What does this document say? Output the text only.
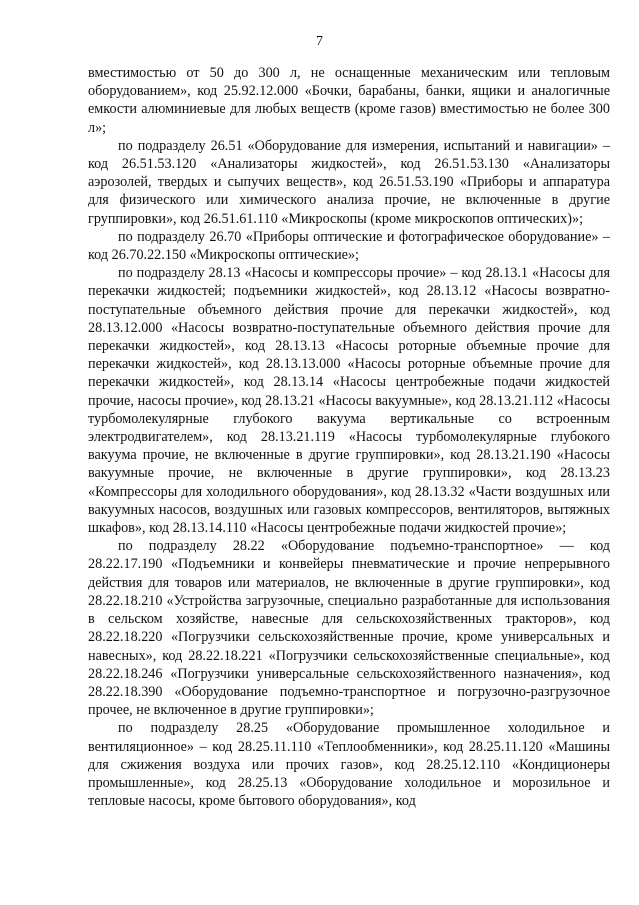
7

вместимостью от 50 до 300 л, не оснащенные механическим или тепловым оборудованием», код 25.92.12.000 «Бочки, барабаны, банки, ящики и аналогичные емкости алюминиевые для любых веществ (кроме газов) вместимостью не более 300 л»;

по подразделу 26.51 «Оборудование для измерения, испытаний и навигации» – код 26.51.53.120 «Анализаторы жидкостей», код 26.51.53.130 «Анализаторы аэрозолей, твердых и сыпучих веществ», код 26.51.53.190 «Приборы и аппаратура для физического или химического анализа прочие, не включенные в другие группировки», код 26.51.61.110 «Микроскопы (кроме микроскопов оптических)»;

по подразделу 26.70 «Приборы оптические и фотографическое оборудование» – код 26.70.22.150 «Микроскопы оптические»;

по подразделу 28.13 «Насосы и компрессоры прочие» – код 28.13.1 «Насосы для перекачки жидкостей; подъемники жидкостей», код 28.13.12 «Насосы возвратно-поступательные объемного действия прочие для перекачки жидкостей», код 28.13.12.000 «Насосы возвратно-поступательные объемного действия прочие для перекачки жидкостей», код 28.13.13 «Насосы роторные объемные прочие для перекачки жидкостей», код 28.13.13.000 «Насосы роторные объемные прочие для перекачки жидкостей», код 28.13.14 «Насосы центробежные подачи жидкостей прочие, насосы прочие», код 28.13.21 «Насосы вакуумные», код 28.13.21.112 «Насосы турбомолекулярные глубокого вакуума вертикальные со встроенным электродвигателем», код 28.13.21.119 «Насосы турбомолекулярные глубокого вакуума прочие, не включенные в другие группировки», код 28.13.21.190 «Насосы вакуумные прочие, не включенные в другие группировки», код 28.13.23 «Компрессоры для холодильного оборудования», код 28.13.32 «Части воздушных или вакуумных насосов, воздушных или газовых компрессоров, вентиляторов, вытяжных шкафов», код 28.13.14.110 «Насосы центробежные подачи жидкостей прочие»;

по подразделу 28.22 «Оборудование подъемно-транспортное» — код 28.22.17.190 «Подъемники и конвейеры пневматические и прочие непрерывного действия для товаров или материалов, не включенные в другие группировки», код 28.22.18.210 «Устройства загрузочные, специально разработанные для использования в сельском хозяйстве, навесные для сельскохозяйственных тракторов», код 28.22.18.220 «Погрузчики сельскохозяйственные прочие, кроме универсальных и навесных», код 28.22.18.221 «Погрузчики сельскохозяйственные специальные», код 28.22.18.246 «Погрузчики универсальные сельскохозяйственного назначения», код 28.22.18.390 «Оборудование подъемно-транспортное и погрузочно-разгрузочное прочее, не включенное в другие группировки»;

по подразделу 28.25 «Оборудование промышленное холодильное и вентиляционное» – код 28.25.11.110 «Теплообменники», код 28.25.11.120 «Машины для сжижения воздуха или прочих газов», код 28.25.12.110 «Кондиционеры промышленные», код 28.25.13 «Оборудование холодильное и морозильное и тепловые насосы, кроме бытового оборудования», код
